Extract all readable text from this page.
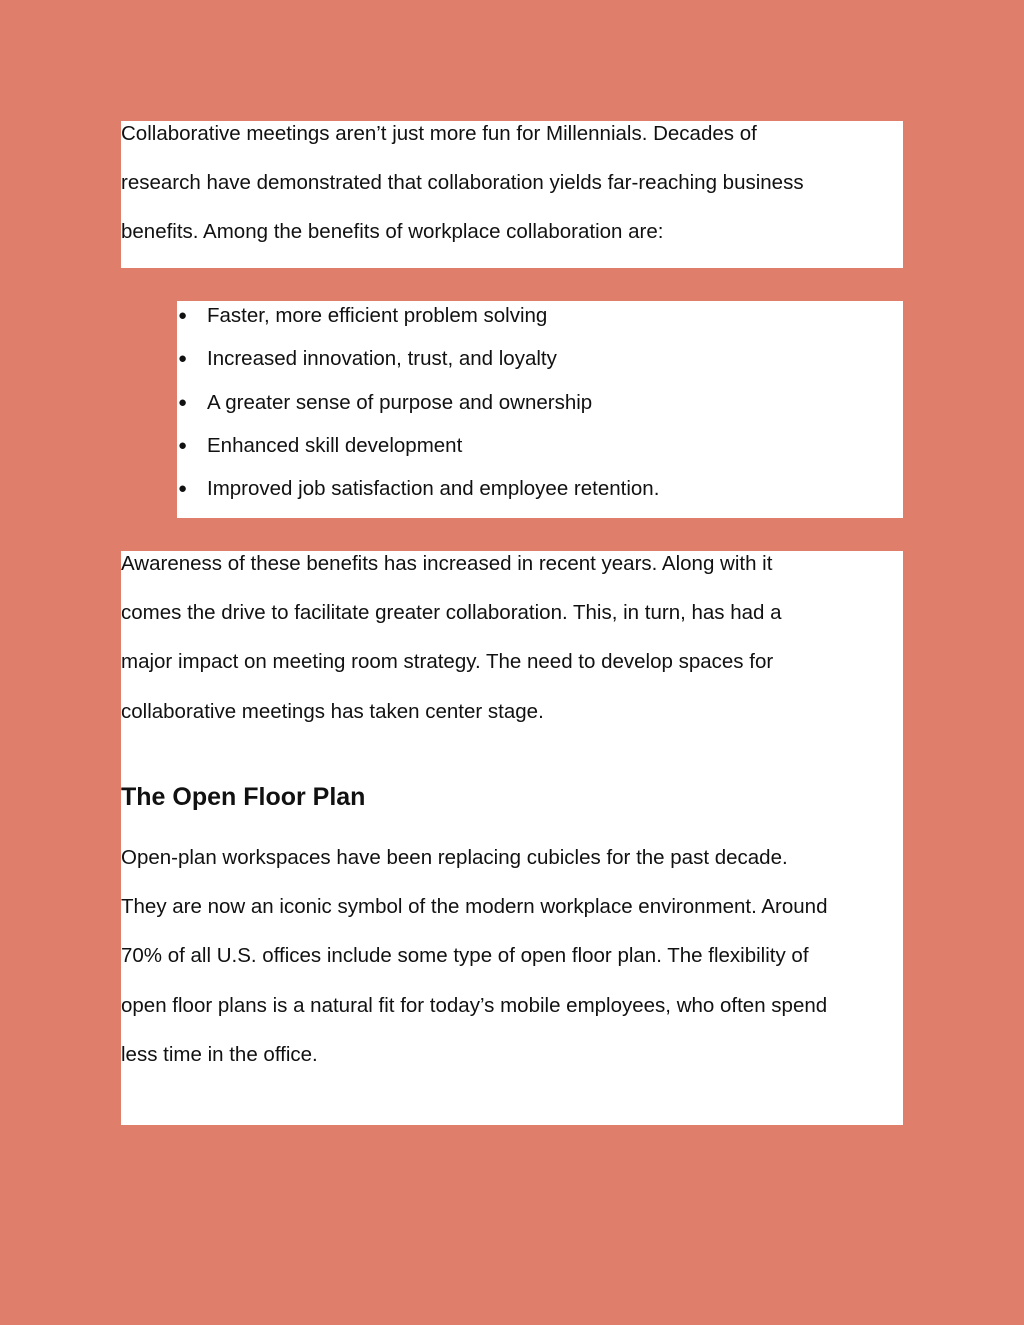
Collaborative meetings aren’t just more fun for Millennials. Decades of
research have demonstrated that collaboration yields far-reaching business
benefits. Among the benefits of workplace collaboration are:

● Faster, more efficient problem solving
● Increased innovation, trust, and loyalty
● A greater sense of purpose and ownership
● Enhanced skill development
● Improved job satisfaction and employee retention.

Awareness of these benefits has increased in recent years. Along with it
comes the drive to facilitate greater collaboration. This, in turn, has had a
major impact on meeting room strategy. The need to develop spaces for
collaborative meetings has taken center stage.

The Open Floor Plan

Open-plan workspaces have been replacing cubicles for the past decade.
They are now an iconic symbol of the modern workplace environment. Around
70% of all U.S. offices include some type of open floor plan. The flexibility of
open floor plans is a natural fit for today’s mobile employees, who often spend
less time in the office.
